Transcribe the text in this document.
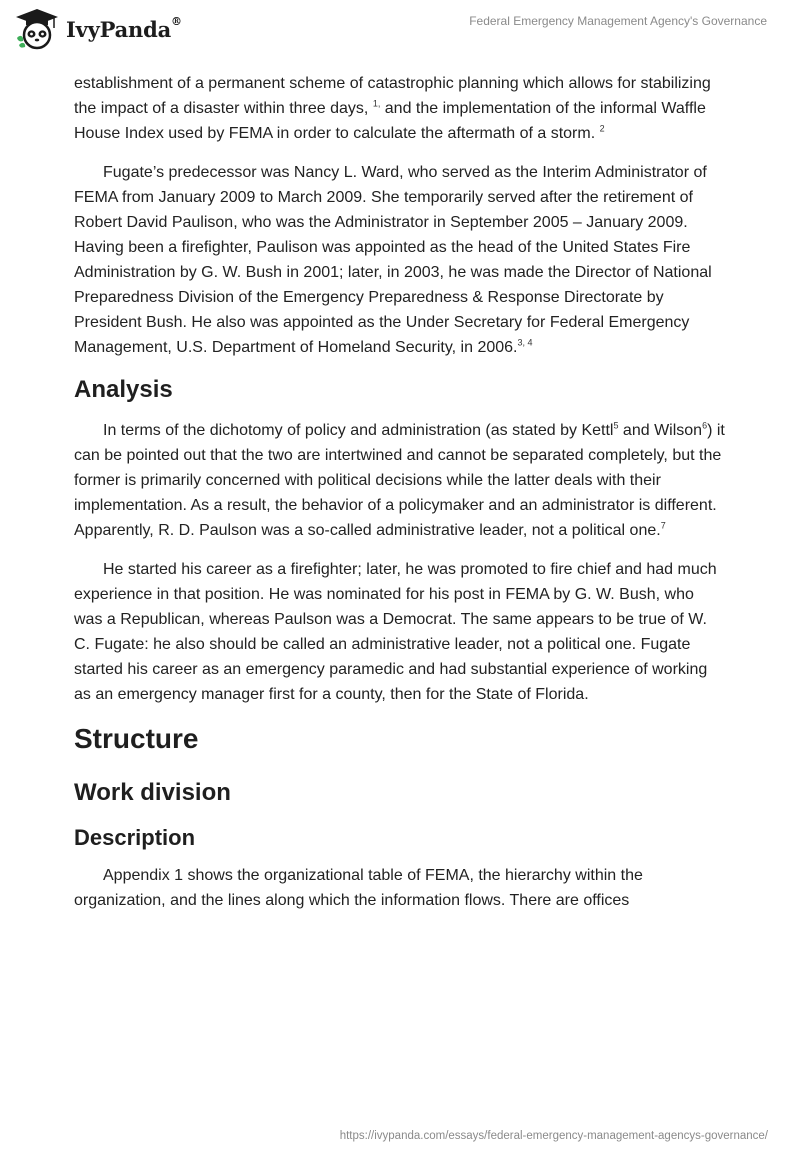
IvyPanda®	Federal Emergency Management Agency's Governance

establishment of a permanent scheme of catastrophic planning which allows for stabilizing the impact of a disaster within three days, $^{1,}$ and the implementation of the informal Waffle House Index used by FEMA in order to calculate the aftermath of a storm. $^2$

Fugate’s predecessor was Nancy L. Ward, who served as the Interim Administrator of FEMA from January 2009 to March 2009. She temporarily served after the retirement of Robert David Paulison, who was the Administrator in September 2005 – January 2009. Having been a firefighter, Paulison was appointed as the head of the United States Fire Administration by G. W. Bush in 2001; later, in 2003, he was made the Director of National Preparedness Division of the Emergency Preparedness & Response Directorate by President Bush. He also was appointed as the Under Secretary for Federal Emergency Management, U.S. Department of Homeland Security, in 2006.$^{3, 4}$

Analysis

In terms of the dichotomy of policy and administration (as stated by Kettl$^5$ and Wilson$^6$) it can be pointed out that the two are intertwined and cannot be separated completely, but the former is primarily concerned with political decisions while the latter deals with their implementation. As a result, the behavior of a policymaker and an administrator is different. Apparently, R. D. Paulson was a so-called administrative leader, not a political one.$^7$

He started his career as a firefighter; later, he was promoted to fire chief and had much experience in that position. He was nominated for his post in FEMA by G. W. Bush, who was a Republican, whereas Paulson was a Democrat. The same appears to be true of W. C. Fugate: he also should be called an administrative leader, not a political one. Fugate started his career as an emergency paramedic and had substantial experience of working as an emergency manager first for a county, then for the State of Florida.

Structure
Work division
Description

Appendix 1 shows the organizational table of FEMA, the hierarchy within the organization, and the lines along which the information flows. There are offices

https://ivypanda.com/essays/federal-emergency-management-agencys-governance/
